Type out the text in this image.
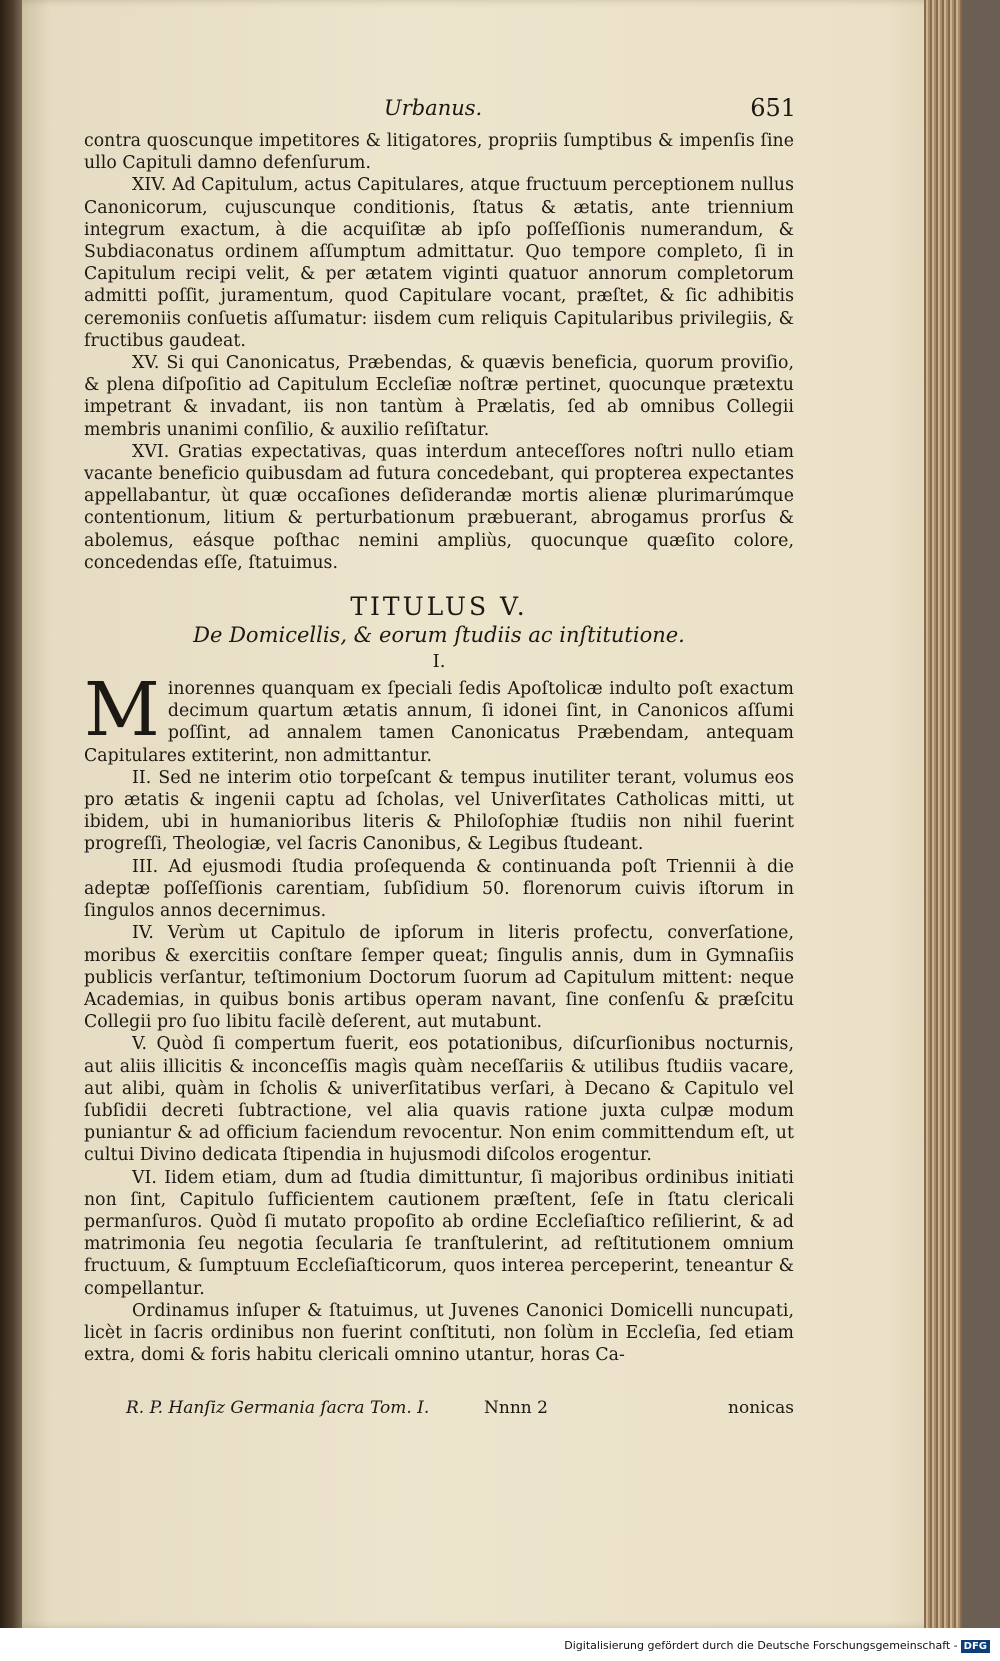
Urbanus.	651

contra quoscunque impetitores & litigatores, propriis ſumptibus & impenſis ſine ullo Capituli damno defenſurum.

XIV. Ad Capitulum, actus Capitulares, atque fructuum perceptionem nullus Canonicorum, cujuscunque conditionis, ſtatus & ætatis, ante triennium integrum exactum, à die acquiſitæ ab ipſo poſſeſſionis numerandum, & Subdiaconatus ordinem aſſumptum admittatur. Quo tempore completo, ſi in Capitulum recipi velit, & per ætatem viginti quatuor annorum completorum admitti poſſit, juramentum, quod Capitulare vocant, præſtet, & ſic adhibitis ceremoniis conſuetis aſſumatur: iisdem cum reliquis Capitularibus privilegiis, & fructibus gaudeat.

XV. Si qui Canonicatus, Præbendas, & quævis beneficia, quorum proviſio, & plena diſpoſitio ad Capitulum Eccleſiæ noſtræ pertinet, quocunque prætextu impetrant & invadant, iis non tantùm à Prælatis, ſed ab omnibus Collegii membris unanimi conſilio, & auxilio reſiſtatur.

XVI. Gratias expectativas, quas interdum anteceſſores noſtri nullo etiam vacante beneficio quibusdam ad futura concedebant, qui propterea expectantes appellabantur, ùt quæ occaſiones deſiderandæ mortis alienæ plurimarúmque contentionum, litium & perturbationum præbuerant, abrogamus prorſus & abolemus, eásque poſthac nemini ampliùs, quocunque quæſito colore, concedendas eſſe, ſtatuimus.

TITULUS V.
De Domicellis, & eorum ſtudiis ac inſtitutione.
I.

Minorennes quanquam ex ſpeciali ſedis Apoſtolicæ indulto poſt exactum decimum quartum ætatis annum, ſi idonei ſint, in Canonicos aſſumi poſſint, ad annalem tamen Canonicatus Præbendam, antequam Capitulares extiterint, non admittantur.

II. Sed ne interim otio torpeſcant & tempus inutiliter terant, volumus eos pro ætatis & ingenii captu ad ſcholas, vel Univerſitates Catholicas mitti, ut ibidem, ubi in humanioribus literis & Philoſophiæ ſtudiis non nihil fuerint progreſſi, Theologiæ, vel ſacris Canonibus, & Legibus ſtudeant.

III. Ad ejusmodi ſtudia proſequenda & continuanda poſt Triennii à die adeptæ poſſeſſionis carentiam, ſubſidium 50. florenorum cuivis iſtorum in ſingulos annos decernimus.

IV. Verùm ut Capitulo de ipſorum in literis profectu, converſatione, moribus & exercitiis conſtare ſemper queat; ſingulis annis, dum in Gymnaſiis publicis verſantur, teſtimonium Doctorum ſuorum ad Capitulum mittent: neque Academias, in quibus bonis artibus operam navant, ſine conſenſu & præſcitu Collegii pro ſuo libitu facilè deſerent, aut mutabunt.

V. Quòd ſi compertum fuerit, eos potationibus, diſcurſionibus nocturnis, aut aliis illicitis & inconceſſis magìs quàm neceſſariis & utilibus ſtudiis vacare, aut alibi, quàm in ſcholis & univerſitatibus verſari, à Decano & Capitulo vel ſubſidii decreti ſubtractione, vel alia quavis ratione juxta culpæ modum puniantur & ad officium faciendum revocentur. Non enim committendum eſt, ut cultui Divino dedicata ſtipendia in hujusmodi diſcolos erogentur.

VI. Iidem etiam, dum ad ſtudia dimittuntur, ſi majoribus ordinibus initiati non ſint, Capitulo ſufficientem cautionem præſtent, ſeſe in ſtatu clericali permanſuros. Quòd ſi mutato propoſito ab ordine Eccleſiaſtico reſilierint, & ad matrimonia ſeu negotia ſecularia ſe tranſtulerint, ad reſtitutionem omnium fructuum, & ſumptuum Eccleſiaſticorum, quos interea perceperint, teneantur & compellantur.

Ordinamus inſuper & ſtatuimus, ut Juvenes Canonici Domicelli nuncupati, licèt in ſacris ordinibus non fuerint conſtituti, non ſolùm in Eccleſia, ſed etiam extra, domi & foris habitu clericali omnino utantur, horas Ca-

R. P. Hanſiz Germania ſacra Tom. I.	Nnnn 2	nonicas
Digitalisierung gefördert durch die Deutsche Forschungsgemeinschaft - DFG
